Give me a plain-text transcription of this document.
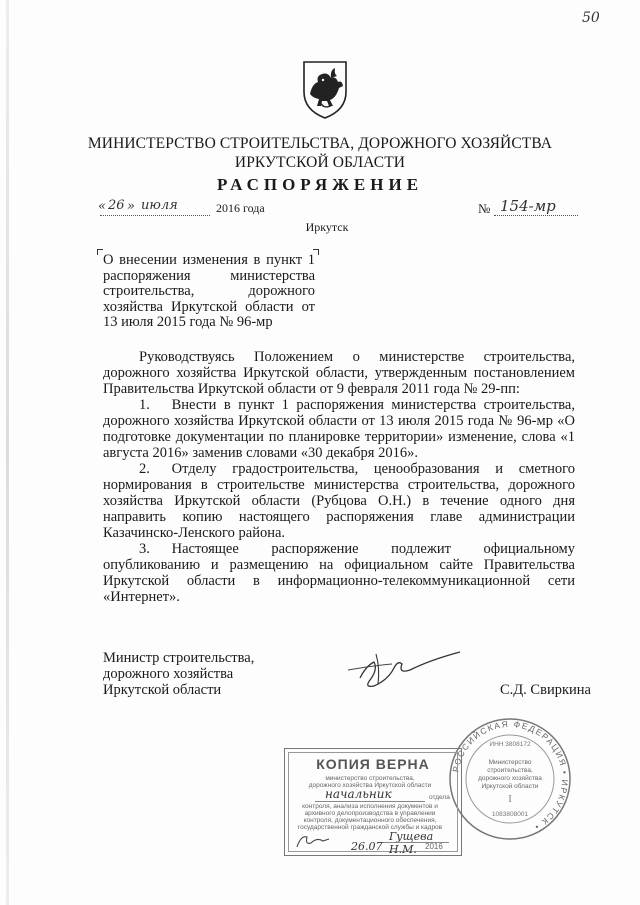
50
МИНИСТЕРСТВО СТРОИТЕЛЬСТВА, ДОРОЖНОГО ХОЗЯЙСТВА
ИРКУТСКОЙ ОБЛАСТИ
РАСПОРЯЖЕНИЕ
« 26 » июля	2016 года	№ 154-мр
Иркутск

О внесении изменения в пункт 1 распоряжения министерства строительства, дорожного хозяйства Иркутской области от 13 июля 2015 года № 96-мр

Руководствуясь Положением о министерстве строительства, дорожного хозяйства Иркутской области, утвержденным постановлением Правительства Иркутской области от 9 февраля 2011 года № 29-пп:

1.  Внести в пункт 1 распоряжения министерства строительства, дорожного хозяйства Иркутской области от 13 июля 2015 года № 96-мр «О подготовке документации по планировке территории» изменение, слова «1 августа 2016» заменив словами «30 декабря 2016».

2.  Отделу градостроительства, ценообразования и сметного нормирования в строительстве министерства строительства, дорожного хозяйства Иркутской области (Рубцова О.Н.) в течение одного дня направить копию настоящего распоряжения главе администрации Казачинско-Ленского района.

3.  Настоящее распоряжение подлежит официальному опубликованию и размещению на официальном сайте Правительства Иркутской области в информационно-телекоммуникационной сети «Интернет».

Министр строительства,
дорожного хозяйства
Иркутской области	С.Д. Свиркина
РОССИЙСКАЯ ФЕДЕРАЦИЯ • ИРКУТСК •
ИНН 3808172
Министерство
строительства,
дорожного хозяйства
Иркутской области
I
1083808001
КОПИЯ ВЕРНА
министерство строительства,
дорожного хозяйства Иркутской области
начальник	отдела
контроля, анализа исполнения документов и
архивного делопроизводства в управлении
контроля, документационного обеспечения,
государственной гражданской службы и кадров
Гущева Н.М.
26.07	2016
